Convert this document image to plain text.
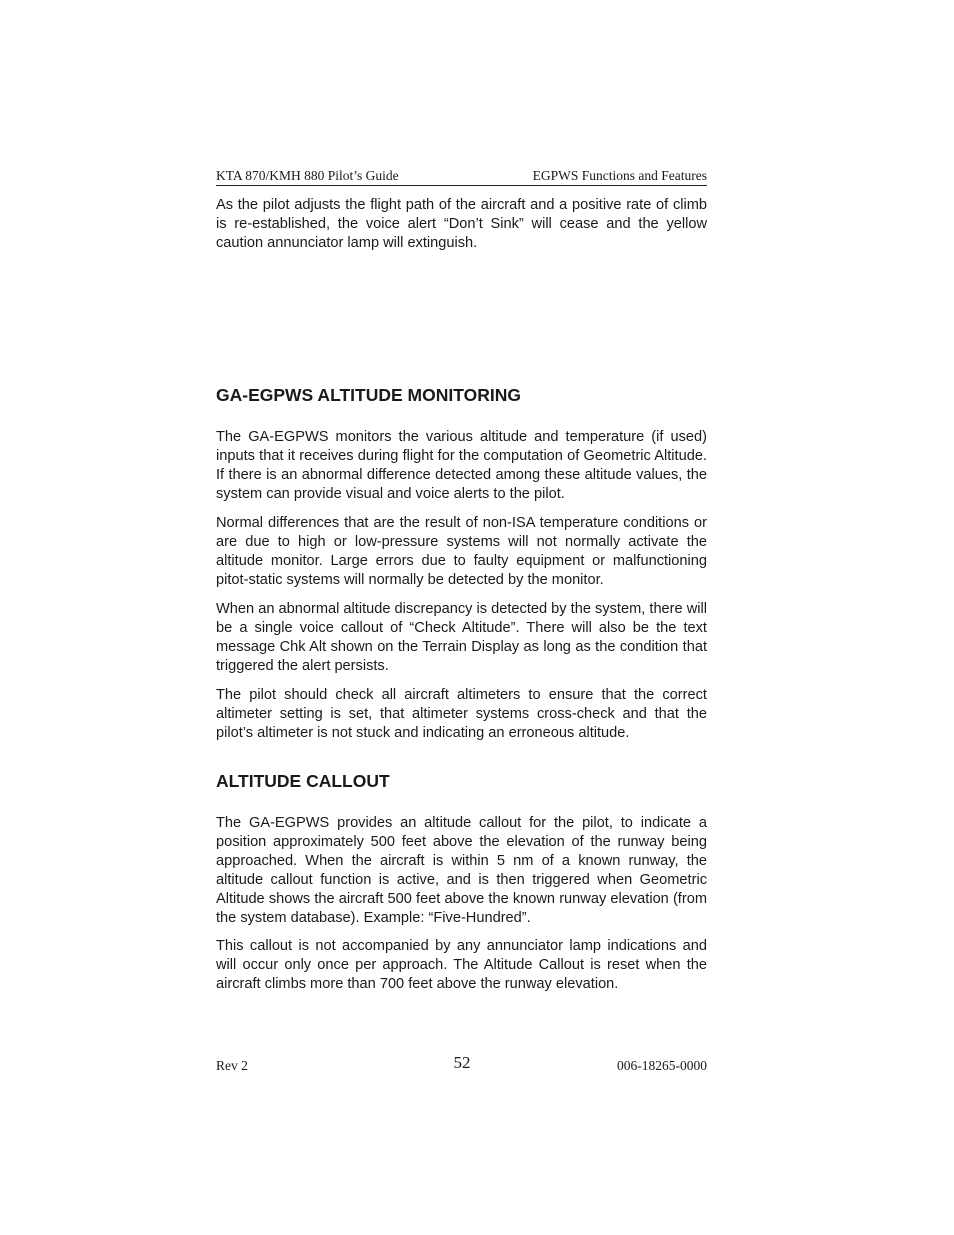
KTA 870/KMH 880 Pilot’s Guide	EGPWS Functions and Features

As the pilot adjusts the flight path of the aircraft and a positive rate of climb is re-established, the voice alert “Don’t Sink” will cease and the yellow caution annunciator lamp will extinguish.

GA-EGPWS ALTITUDE MONITORING

The GA-EGPWS monitors the various altitude and temperature (if used) inputs that it receives during flight for the computation of Geometric Altitude. If there is an abnormal difference detected among these altitude values, the system can provide visual and voice alerts to the pilot.

Normal differences that are the result of non-ISA temperature conditions or are due to high or low-pressure systems will not normally activate the altitude monitor. Large errors due to faulty equipment or malfunctioning pitot-static systems will normally be detected by the monitor.

When an abnormal altitude discrepancy is detected by the system, there will be a single voice callout of “Check Altitude”. There will also be the text message Chk Alt shown on the Terrain Display as long as the condition that triggered the alert persists.

The pilot should check all aircraft altimeters to ensure that the correct altimeter setting is set, that altimeter systems cross-check and that the pilot’s altimeter is not stuck and indicating an erroneous altitude.

ALTITUDE CALLOUT

The GA-EGPWS provides an altitude callout for the pilot, to indicate a position approximately 500 feet above the elevation of the runway being approached. When the aircraft is within 5 nm of a known runway, the altitude callout function is active, and is then triggered when Geometric Altitude shows the aircraft 500 feet above the known runway elevation (from the system database). Example: “Five-Hundred”.

This callout is not accompanied by any annunciator lamp indications and will occur only once per approach. The Altitude Callout is reset when the aircraft climbs more than 700 feet above the runway elevation.

Rev 2	52	006-18265-0000
